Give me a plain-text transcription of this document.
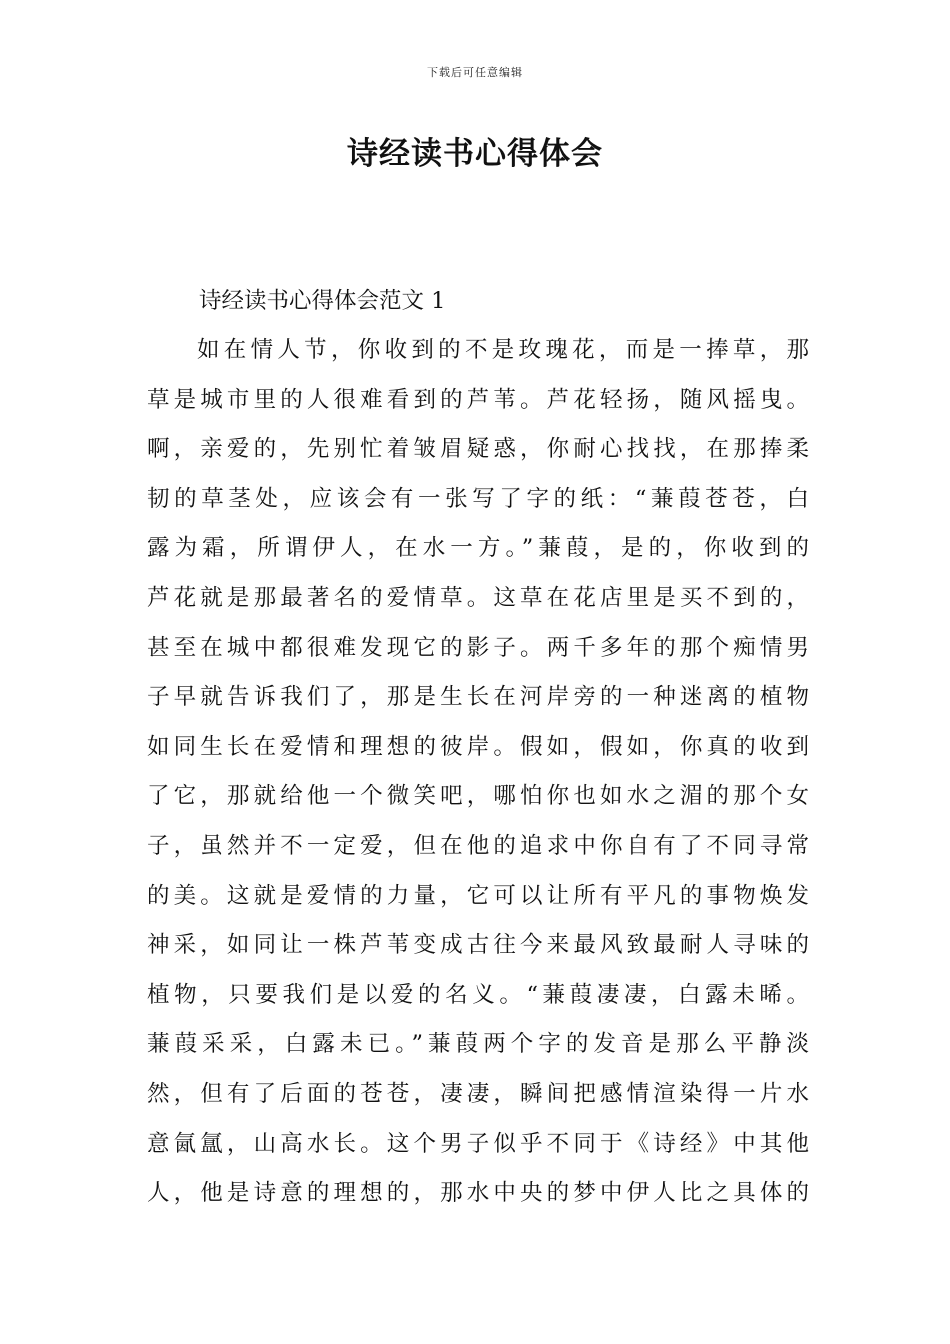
下载后可任意编辑
诗经读书心得体会

诗经读书心得体会范文 1

如在情人节，你收到的不是玫瑰花，而是一捧草，那

草是城市里的人很难看到的芦苇。芦花轻扬，随风摇曳。

啊，亲爱的，先别忙着皱眉疑惑，你耐心找找，在那捧柔

韧的草茎处，应该会有一张写了字的纸：“蒹葭苍苍，白

露为霜，所谓伊人，在水一方。”蒹葭，是的，你收到的

芦花就是那最著名的爱情草。这草在花店里是买不到的，

甚至在城中都很难发现它的影子。两千多年的那个痴情男

子早就告诉我们了，那是生长在河岸旁的一种迷离的植物

如同生长在爱情和理想的彼岸。假如，假如，你真的收到

了它，那就给他一个微笑吧，哪怕你也如水之湄的那个女

子，虽然并不一定爱，但在他的追求中你自有了不同寻常

的美。这就是爱情的力量，它可以让所有平凡的事物焕发

神采，如同让一株芦苇变成古往今来最风致最耐人寻味的

植物，只要我们是以爱的名义。“蒹葭凄凄，白露未晞。

蒹葭采采，白露未已。”蒹葭两个字的发音是那么平静淡

然，但有了后面的苍苍，凄凄，瞬间把感情渲染得一片水

意氤氲，山高水长。这个男子似乎不同于《诗经》中其他

人，他是诗意的理想的，那水中央的梦中伊人比之具体的
